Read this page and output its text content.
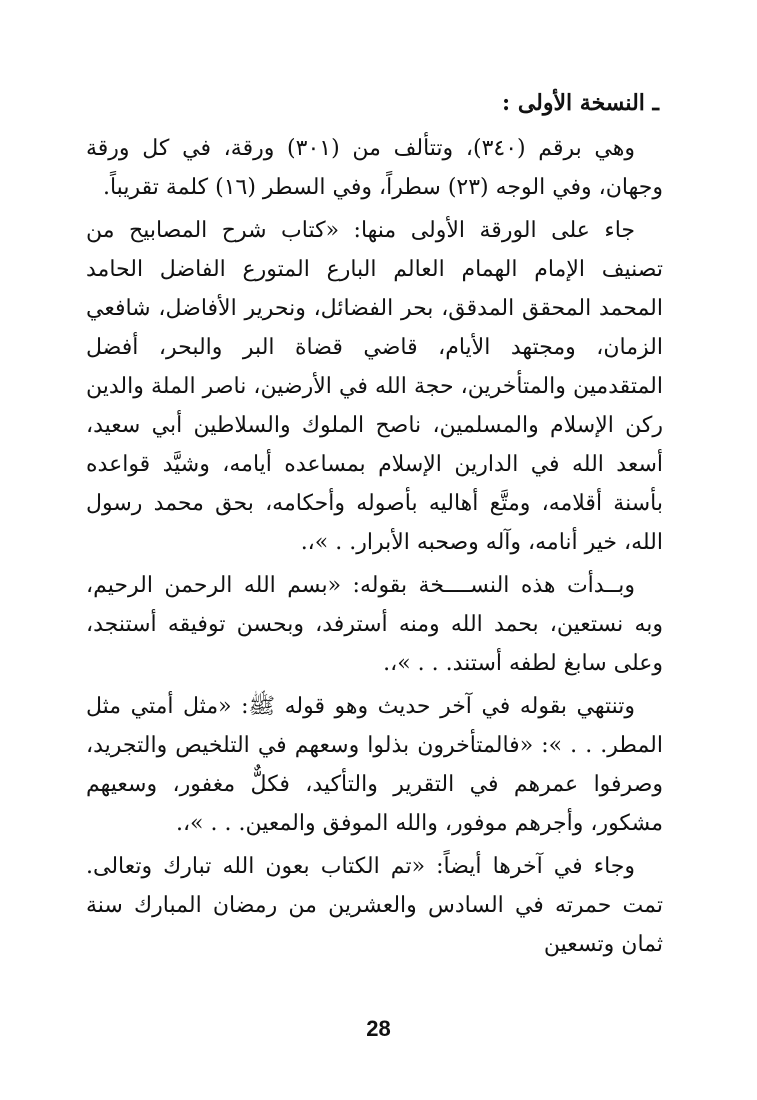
ـ النسخة الأولى :

وهي برقم (٣٤٠)، وتتألف من (٣٠١) ورقة، في كل ورقة وجهان، وفي الوجه (٢٣) سطراً، وفي السطر (١٦) كلمة تقريباً.

جاء على الورقة الأولى منها: «كتاب شرح المصابيح من تصنيف الإمام الهمام العالم البارع المتورع الفاضل الحامد المحمد المحقق المدقق، بحر الفضائل، ونحرير الأفاضل، شافعي الزمان، ومجتهد الأيام، قاضي قضاة البر والبحر، أفضل المتقدمين والمتأخرين، حجة الله في الأرضين، ناصر الملة والدين ركن الإسلام والمسلمين، ناصح الملوك والسلاطين أبي سعيد، أسعد الله في الدارين الإسلام بمساعده أيامه، وشيَّد قواعده بأسنة أقلامه، ومتَّع أهاليه بأصوله وأحكامه، بحق محمد رسول الله، خير أنامه، وآله وصحبه الأبرار. . »،.

وبــدأت هذه النســــخة بقوله: «بسم الله الرحمن الرحيم، وبه نستعين، بحمد الله ومنه أسترفد، وبحسن توفيقه أستنجد، وعلى سابغ لطفه أستند. . . »،.

وتنتهي بقوله في آخر حديث وهو قوله ﷺ: «مثل أمتي مثل المطر. . . »: «فالمتأخرون بذلوا وسعهم في التلخيص والتجريد، وصرفوا عمرهم في التقرير والتأكيد، فكلٌّ مغفور، وسعيهم مشكور، وأجرهم موفور، والله الموفق والمعين. . . »،.

وجاء في آخرها أيضاً: «تم الكتاب بعون الله تبارك وتعالى. تمت حمرته في السادس والعشرين من رمضان المبارك سنة ثمان وتسعين

28
